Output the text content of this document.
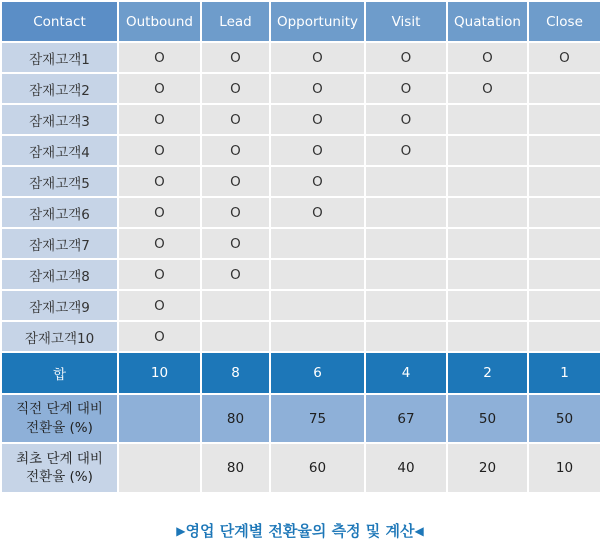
Contact	Outbound	Lead	Opportunity	Visit	Quatation	Close
잠재고객1	O	O	O	O	O	O
잠재고객2	O	O	O	O	O	
잠재고객3	O	O	O	O		
잠재고객4	O	O	O	O		
잠재고객5	O	O	O			
잠재고객6	O	O	O			
잠재고객7	O	O				
잠재고객8	O	O				
잠재고객9	O					
잠재고객10	O					
합	10	8	6	4	2	1
직전 단계 대비
전환율 (%)		80	75	67	50	50
최초 단계 대비
전환율 (%)		80	60	40	20	10
▶영업 단계별 전환율의 측정 및 계산◀
